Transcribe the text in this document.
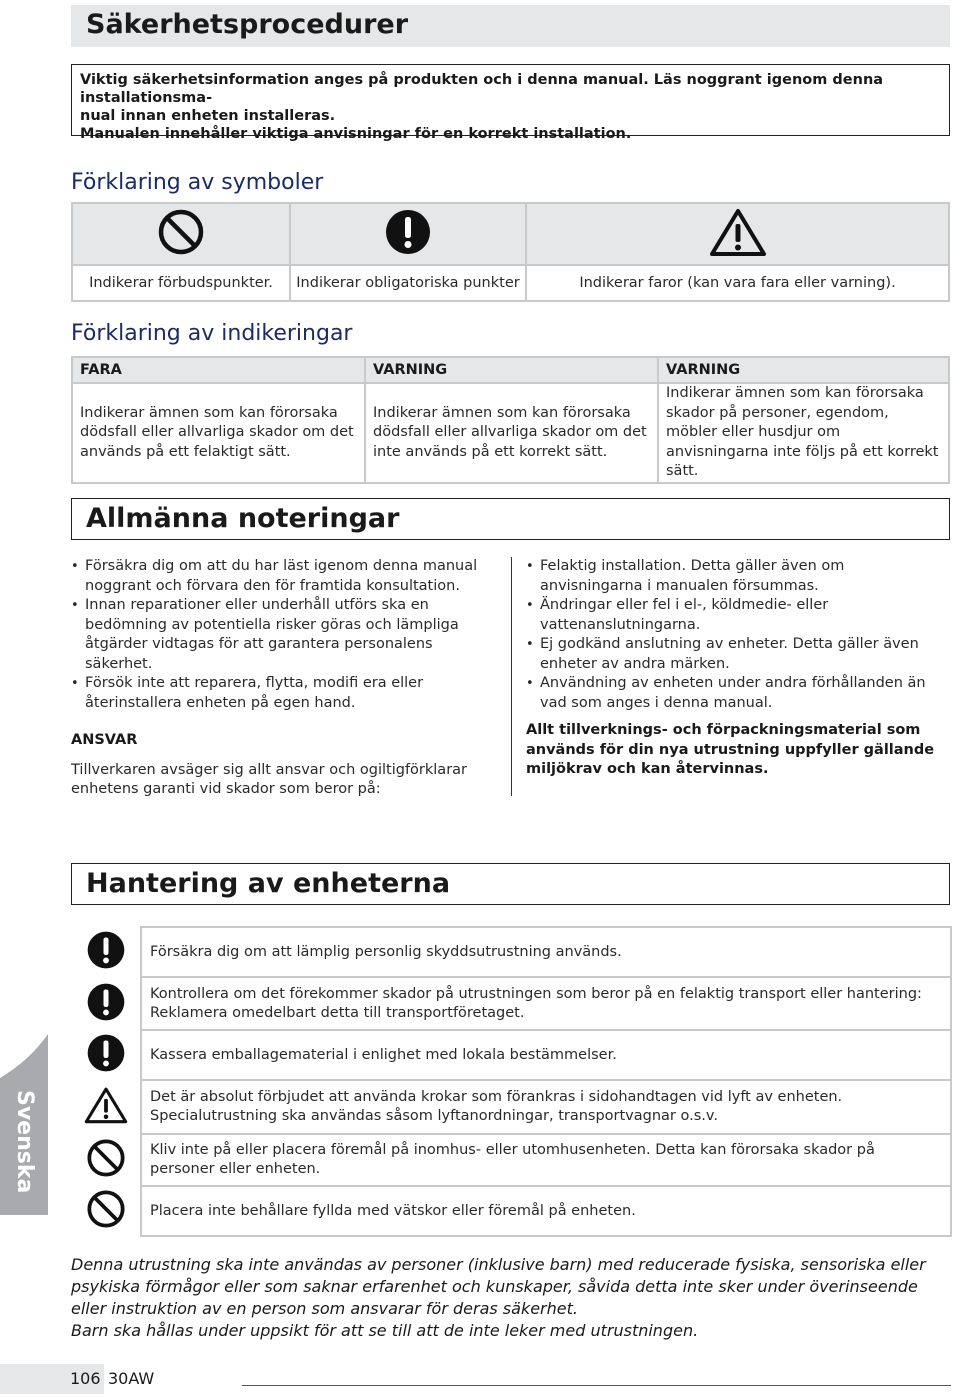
Säkerhetsprocedurer
Viktig säkerhetsinformation anges på produkten och i denna manual. Läs noggrant igenom denna installationsma-
nual innan enheten installeras.
Manualen innehåller viktiga anvisningar för en korrekt installation.
Förklaring av symboler

Indikerar förbudspunkter.	Indikerar obligatoriska punkter	Indikerar faror (kan vara fara eller varning).
Förklaring av indikeringar
FARA	VARNING	VARNING
Indikerar ämnen som kan förorsaka dödsfall eller allvarliga skador om det används på ett felaktigt sätt.	Indikerar ämnen som kan förorsaka dödsfall eller allvarliga skador om det inte används på ett korrekt sätt.	Indikerar ämnen som kan förorsaka skador på personer, egendom, möbler eller husdjur om anvisningarna inte följs på ett korrekt sätt.
Allmänna noteringar
• Försäkra dig om att du har läst igenom denna manual noggrant och förvara den för framtida konsultation.
• Innan reparationer eller underhåll utförs ska en bedömning av potentiella risker göras och lämpliga åtgärder vidtagas för att garantera personalens säkerhet.
• Försök inte att reparera, flytta, modifi era eller återinstallera enheten på egen hand.
ANSVAR
Tillverkaren avsäger sig allt ansvar och ogiltigförklarar enhetens garanti vid skador som beror på:
• Felaktig installation. Detta gäller även om anvisningarna i manualen försummas.
• Ändringar eller fel i el-, köldmedie- eller vattenanslutningarna.
• Ej godkänd anslutning av enheter. Detta gäller även enheter av andra märken.
• Användning av enheten under andra förhållanden än vad som anges i denna manual.
Allt tillverknings- och förpackningsmaterial som används för din nya utrustning uppfyller gällande miljökrav och kan återvinnas.
Hantering av enheterna
	Försäkra dig om att lämplig personlig skyddsutrustning används.
	Kontrollera om det förekommer skador på utrustningen som beror på en felaktig transport eller hantering: Reklamera omedelbart detta till transportföretaget.
	Kassera emballagematerial i enlighet med lokala bestämmelser.
	Det är absolut förbjudet att använda krokar som förankras i sidohandtagen vid lyft av enheten. Specialutrustning ska användas såsom lyftanordningar, transportvagnar o.s.v.
	Kliv inte på eller placera föremål på inomhus- eller utomhusenheten. Detta kan förorsaka skador på personer eller enheten.
	Placera inte behållare fyllda med vätskor eller föremål på enheten.
Svenska
Denna utrustning ska inte användas av personer (inklusive barn) med reducerade fysiska, sensoriska eller psykiska förmågor eller som saknar erfarenhet och kunskaper, såvida detta inte sker under överinseende eller instruktion av en person som ansvarar för deras säkerhet.
Barn ska hållas under uppsikt för att se till att de inte leker med utrustningen.
106 30AW
